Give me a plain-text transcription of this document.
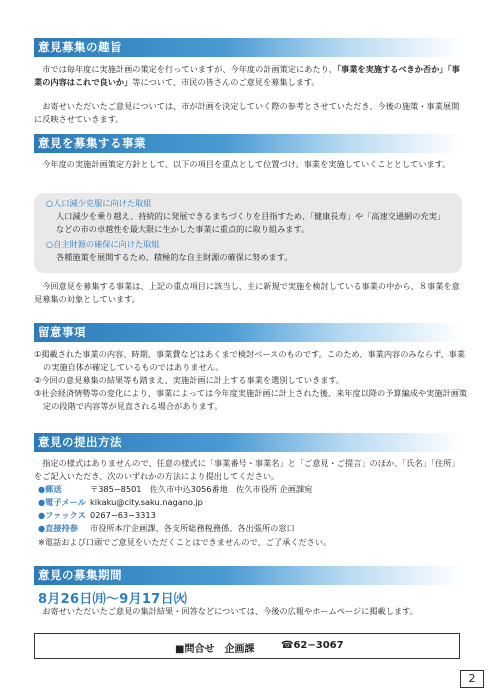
意見募集の趣旨

市では毎年度に実施計画の策定を行っていますが、今年度の計画策定にあたり、「事業を実施するべきか否か」「事業の内容はこれで良いか」等について、市民の皆さんのご意見を募集します。

お寄せいただいたご意見については、市が計画を決定していく際の参考とさせていただき、今後の施策・事業展開に反映させていきます。

意見を募集する事業

今年度の実施計画策定方針として、以下の項目を重点として位置づけ、事業を実施していくこととしています。

○人口減少克服に向けた取組

人口減少を乗り越え、持続的に発展できるまちづくりを目指すため、「健康長寿」や「高速交通網の充実」などの市の卓越性を最大限に生かした事業に重点的に取り組みます。

○自主財源の確保に向けた取組

各種施策を展開するため、積極的な自主財源の確保に努めます。

今回意見を募集する事業は、上記の重点項目に該当し、主に新規で実施を検討している事業の中から、８事業を意見募集の対象としています。

留意事項

①掲載された事業の内容、時期、事業費などはあくまで検討ベースのものです。このため、事業内容のみならず、事業の実施自体が確定しているものではありません。

②今回の意見募集の結果等も踏まえ、実施計画に計上する事業を選別していきます。

③社会経済情勢等の変化により、事業によっては今年度実施計画に計上された後、来年度以降の予算編成や実施計画策定の段階で内容等が見直される場合があります。

意見の提出方法

指定の様式はありませんので、任意の様式に「事業番号・事業名」と「ご意見・ご提言」のほか、「氏名」「住所」をご記入いただき、次のいずれかの方法により提出してください。

●郵送	〒385−8501　佐久市中込3056番地　佐久市役所 企画課宛
●電子メール kikaku@city.saku.nagano.jp
●ファックス 0267−63−3313
●直接持参 市役所本庁企画課、各支所総務税務係、各出張所の窓口

※電話および口頭でご意見をいただくことはできませんので、ご了承ください。

意見の募集期間
8月26日㈪〜9月17日㈫

お寄せいただいたご意見の集計結果・回答などについては、今後の広報やホームページに掲載します。

■問合せ　企画課	☎62−3067
2
